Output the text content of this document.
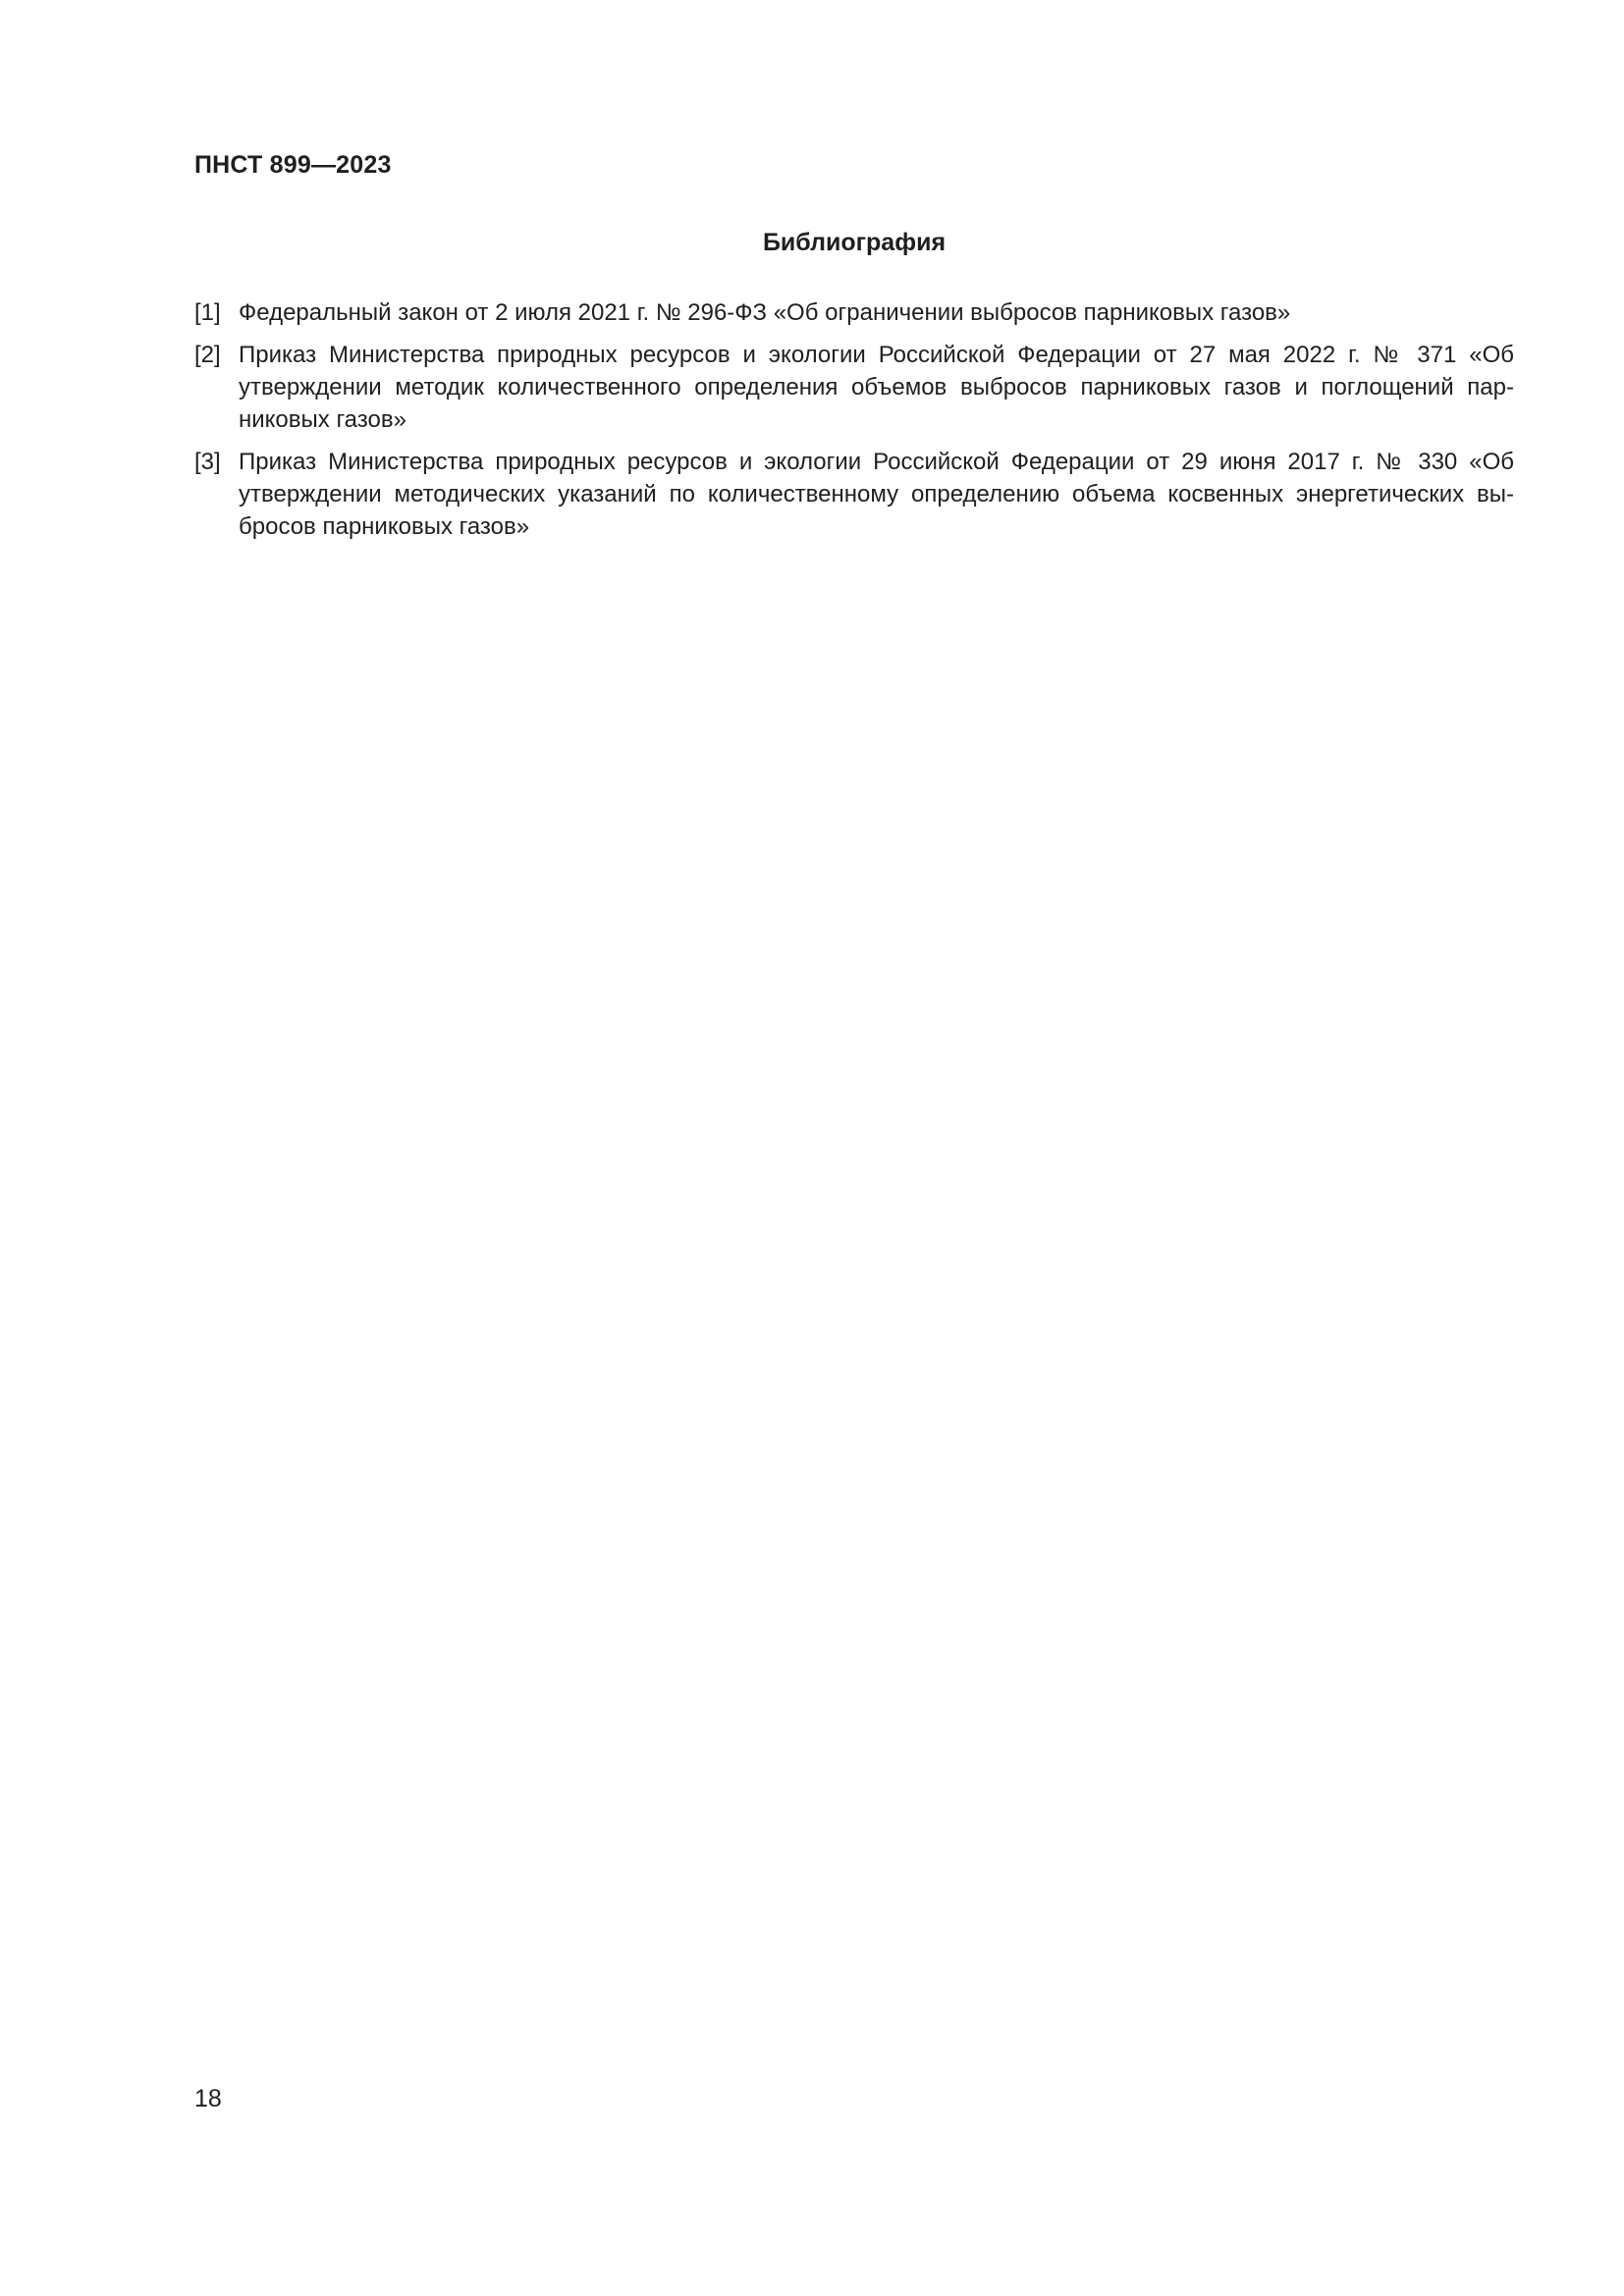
ПНСТ 899—2023
Библиография
[1] Федеральный закон от 2 июля 2021 г. № 296-ФЗ «Об ограничении выбросов парниковых газов»
[2] Приказ Министерства природных ресурсов и экологии Российской Федерации от 27 мая 2022 г. № 371 «Об утверждении методик количественного определения объемов выбросов парниковых газов и поглощений парниковых газов»
[3] Приказ Министерства природных ресурсов и экологии Российской Федерации от 29 июня 2017 г. № 330 «Об утверждении методических указаний по количественному определению объема косвенных энергетических выбросов парниковых газов»
18
